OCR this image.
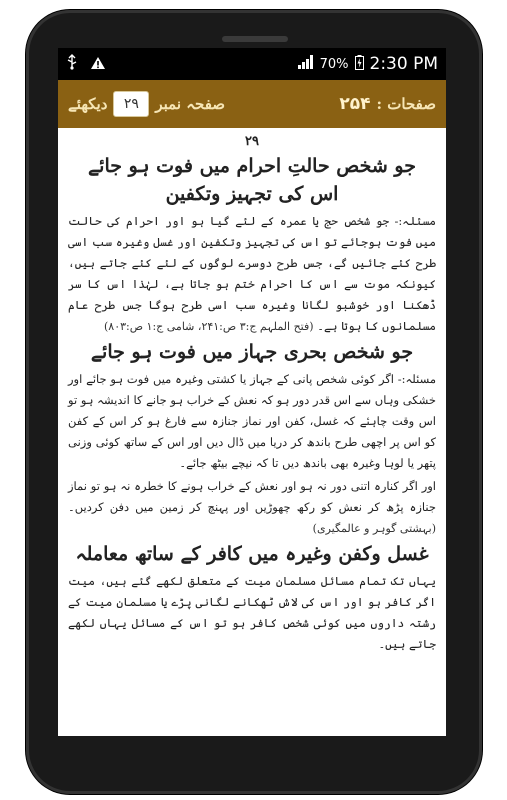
70% 2:30 PM
صفحات :
۲۵۴
صفحہ نمبر
۲۹
دیکھئے
۲۹
جو شخص حالتِ احرام میں فوت ہو جائے
اس کی تجہیز وتکفین

مسئلہ:- جو شخص حج یا عمرہ کے لئے گیا ہو اور احرام کی حالت میں فوت ہوجائے تو اس کی تجہیز وتکفین اور غسل وغیرہ سب اسی طرح کئے جائیں گے، جس طرح دوسرے لوگوں کے لئے کئے جاتے ہیں، کیونکہ موت سے اس کا احرام ختم ہو جاتا ہے، لہٰذا اس کا سر ڈھکنا اور خوشبو لگانا وغیرہ سب اسی طرح ہوگا جس طرح عام مسلمانوں کا ہوتا ہے۔ (فتح الملہم ج:۳ ص:۲۴۱، شامی ج:۱ ص:۸۰۳)

جو شخص بحری جہاز میں فوت ہو جائے

مسئلہ:- اگر کوئی شخص پانی کے جہاز یا کشتی وغیرہ میں فوت ہو جائے اور خشکی وہاں سے اس قدر دور ہو کہ نعش کے خراب ہو جانے کا اندیشہ ہو تو اس وقت چاہئے کہ غسل، کفن اور نماز جنازہ سے فارغ ہو کر اس کے کفن کو اس پر اچھی طرح باندھ کر دریا میں ڈال دیں اور اس کے ساتھ کوئی وزنی پتھر یا لوہا وغیرہ بھی باندھ دیں تا کہ نیچے بیٹھ جائے۔

اور اگر کنارہ اتنی دور نہ ہو اور نعش کے خراب ہونے کا خطرہ نہ ہو تو نماز جنازہ پڑھ کر نعش کو رکھ چھوڑیں اور پہنچ کر زمین میں دفن کردیں۔ (بہشتی گوہر و عالمگیری)

غسل وکفن وغیرہ میں کافر کے ساتھ معاملہ

یہاں تک تمام مسائل مسلمان میت کے متعلق لکھے گئے ہیں، میت اگر کافر ہو اور اس کی لاش ٹھکانے لگانی پڑے یا مسلمان میت کے رشتہ داروں میں کوئی شخص کافر ہو تو اس کے مسائل یہاں لکھے جاتے ہیں۔
